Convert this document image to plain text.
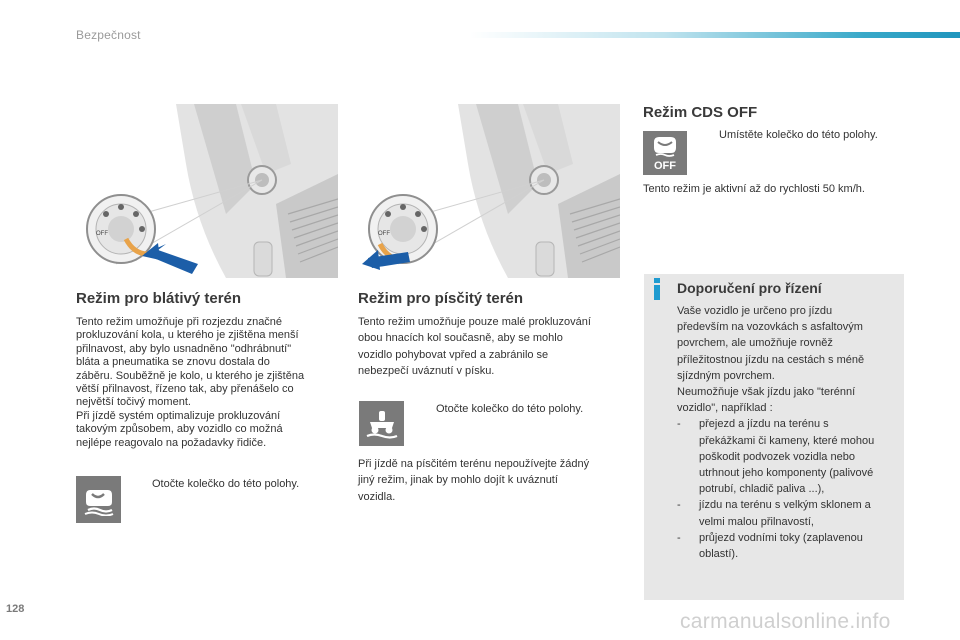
Bezpečnost
OFF	OFF
Režim pro blátivý terén
Tento režim umožňuje při rozjezdu značné
prokluzování kola, u kterého je zjištěna menší
přilnavost, aby bylo usnadněno "odhrábnutí"
bláta a pneumatika se znovu dostala do
záběru. Souběžně je kolo, u kterého je zjištěna
větší přilnavost, řízeno tak, aby přenášelo co
největší točivý moment.
Při jízdě systém optimalizuje prokluzování
takovým způsobem, aby vozidlo co možná
nejlépe reagovalo na požadavky řidiče.
Otočte kolečko do této polohy.
Režim pro písčitý terén
Tento režim umožňuje pouze malé prokluzování
obou hnacích kol současně, aby se mohlo
vozidlo pohybovat vpřed a zabránilo se
nebezpečí uváznutí v písku.
Otočte kolečko do této polohy.
Při jízdě na písčitém terénu nepoužívejte žádný
jiný režim, jinak by mohlo dojít k uváznutí
vozidla.
Režim CDS OFF
OFF
Umístěte kolečko do této polohy.
Tento režim je aktivní až do rychlosti 50 km/h.
Doporučení pro řízení
Vaše vozidlo je určeno pro jízdu
především na vozovkách s asfaltovým
povrchem, ale umožňuje rovněž
příležitostnou jízdu na cestách s méně
sjízdným povrchem.
Neumožňuje však jízdu jako "terénní
vozidlo", například :
- přejezd a jízdu na terénu s
překážkami či kameny, které mohou
poškodit podvozek vozidla nebo
utrhnout jeho komponenty (palivové
potrubí, chladič paliva ...),
- jízdu na terénu s velkým sklonem a
velmi malou přilnavostí,
- průjezd vodními toky (zaplavenou
oblastí).
128
carmanualsonline.info
